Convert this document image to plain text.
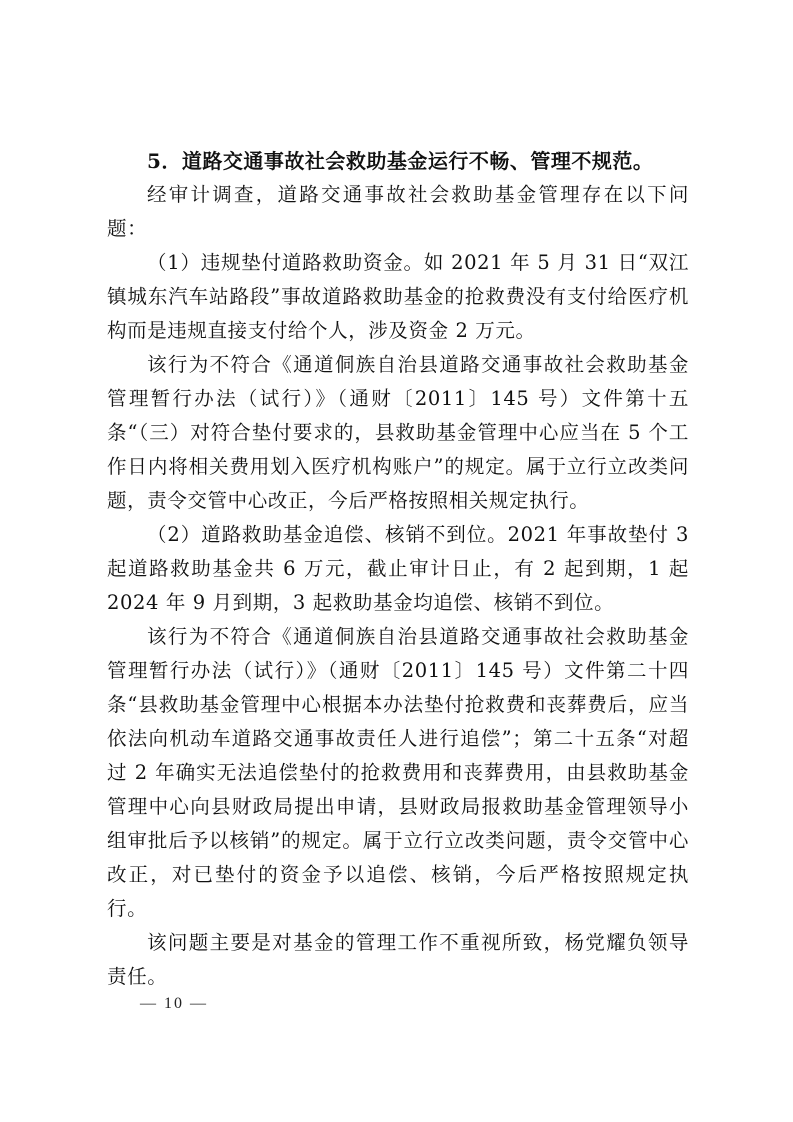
5．道路交通事故社会救助基金运行不畅、管理不规范。

经审计调查，道路交通事故社会救助基金管理存在以下问题：

（1）违规垫付道路救助资金。如 2021 年 5 月 31 日“双江镇城东汽车站路段”事故道路救助基金的抢救费没有支付给医疗机构而是违规直接支付给个人，涉及资金 2 万元。

该行为不符合《通道侗族自治县道路交通事故社会救助基金管理暂行办法（试行）》（通财〔2011〕145 号）文件第十五条“（三）对符合垫付要求的，县救助基金管理中心应当在 5 个工作日内将相关费用划入医疗机构账户”的规定。属于立行立改类问题，责令交管中心改正，今后严格按照相关规定执行。

（2）道路救助基金追偿、核销不到位。2021 年事故垫付 3 起道路救助基金共 6 万元，截止审计日止，有 2 起到期，1 起 2024 年 9 月到期，3 起救助基金均追偿、核销不到位。

该行为不符合《通道侗族自治县道路交通事故社会救助基金管理暂行办法（试行）》（通财〔2011〕145 号）文件第二十四条“县救助基金管理中心根据本办法垫付抢救费和丧葬费后，应当依法向机动车道路交通事故责任人进行追偿”；第二十五条“对超过 2 年确实无法追偿垫付的抢救费用和丧葬费用，由县救助基金管理中心向县财政局提出申请，县财政局报救助基金管理领导小组审批后予以核销”的规定。属于立行立改类问题，责令交管中心改正，对已垫付的资金予以追偿、核销，今后严格按照规定执行。

该问题主要是对基金的管理工作不重视所致，杨党耀负领导责任。

— 10 —
